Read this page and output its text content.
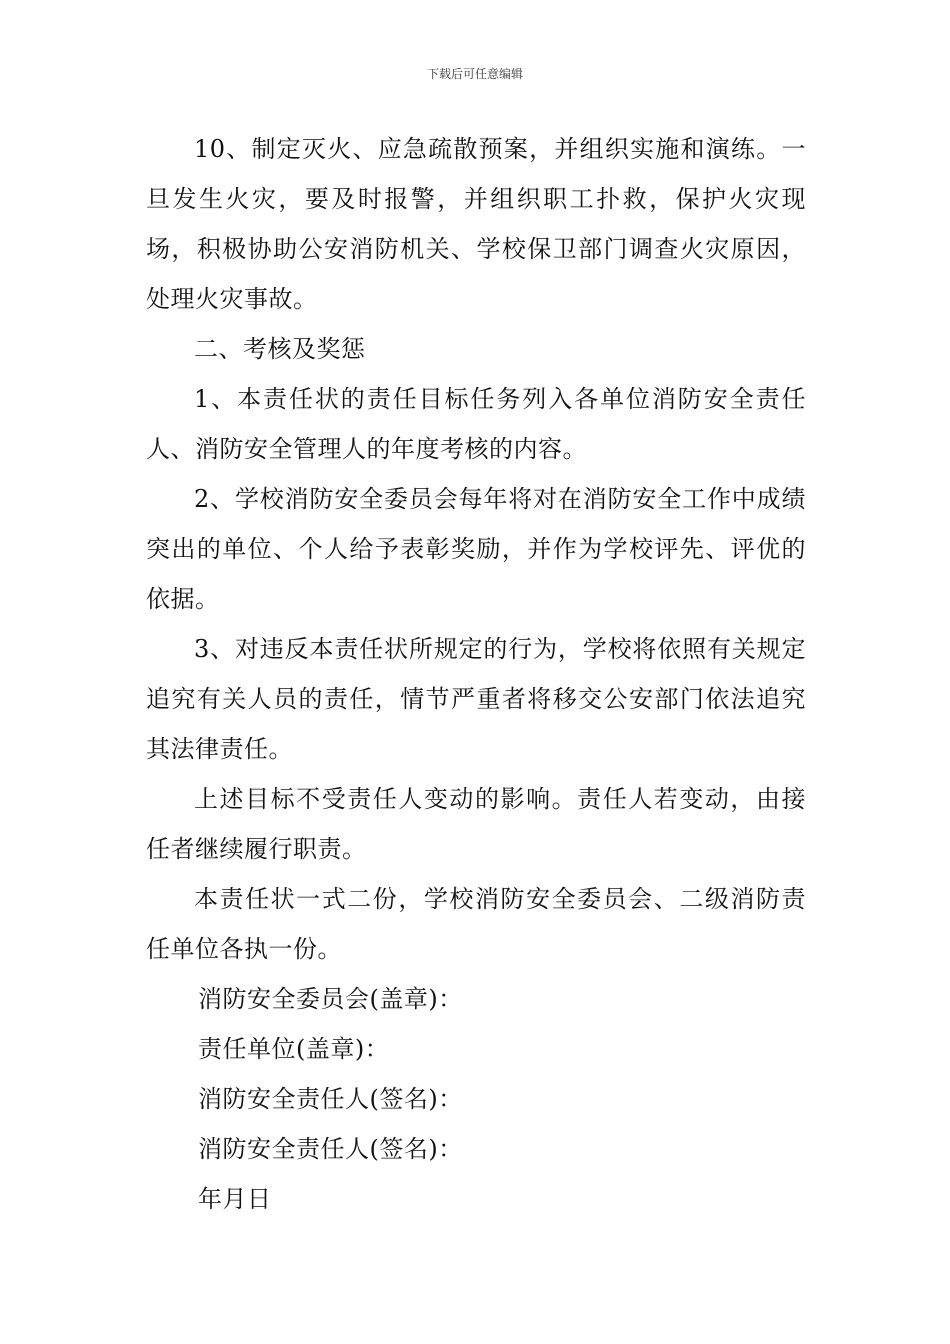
下载后可任意编辑

10、制定灭火、应急疏散预案，并组织实施和演练。一旦发生火灾，要及时报警，并组织职工扑救，保护火灾现场，积极协助公安消防机关、学校保卫部门调查火灾原因，处理火灾事故。

二、考核及奖惩

1、本责任状的责任目标任务列入各单位消防安全责任人、消防安全管理人的年度考核的内容。

2、学校消防安全委员会每年将对在消防安全工作中成绩突出的单位、个人给予表彰奖励，并作为学校评先、评优的依据。

3、对违反本责任状所规定的行为，学校将依照有关规定追究有关人员的责任，情节严重者将移交公安部门依法追究其法律责任。

上述目标不受责任人变动的影响。责任人若变动，由接任者继续履行职责。

本责任状一式二份，学校消防安全委员会、二级消防责任单位各执一份。

消防安全委员会(盖章)：
责任单位(盖章)：
消防安全责任人(签名)：
消防安全责任人(签名)：
年月日
